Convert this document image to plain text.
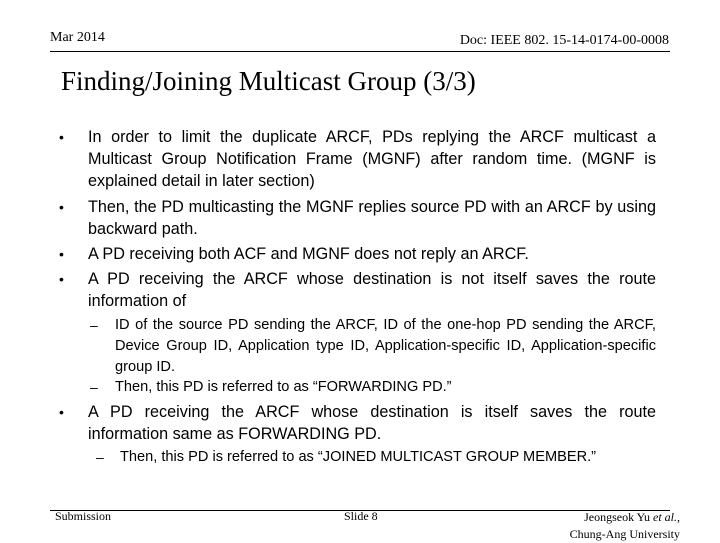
Mar 2014	Doc: IEEE 802. 15-14-0174-00-0008
Finding/Joining Multicast Group (3/3)
• In order to limit the duplicate ARCF, PDs replying the ARCF multicast a Multicast Group Notification Frame (MGNF) after random time. (MGNF is explained detail in later section)
• Then, the PD multicasting the MGNF replies source PD with an ARCF by using backward path.
• A PD receiving both ACF and MGNF does not reply an ARCF.
• A PD receiving the ARCF whose destination is not itself saves the route information of
– ID of the source PD sending the ARCF, ID of the one-hop PD sending the ARCF, Device Group ID, Application type ID, Application-specific ID, Application-specific group ID.
– Then, this PD is referred to as “FORWARDING PD.”
• A PD receiving the ARCF whose destination is itself saves the route information same as FORWARDING PD.
– Then, this PD is referred to as “JOINED MULTICAST GROUP MEMBER.”
Submission	Slide 8	Jeongseok Yu et al.,
Chung-Ang University
